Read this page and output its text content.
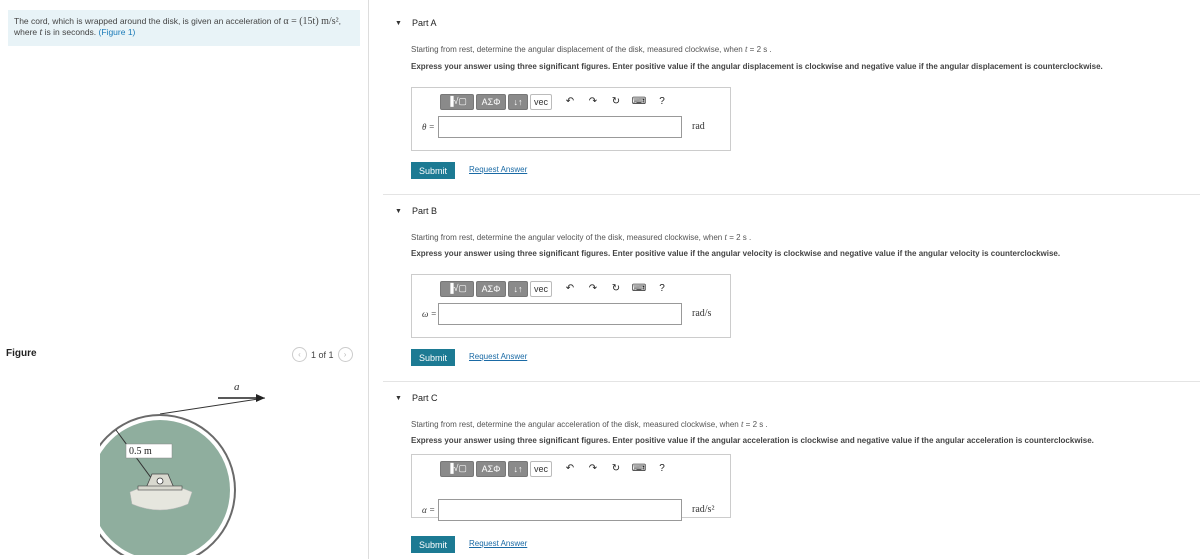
The cord, which is wrapped around the disk, is given an acceleration of α = (15t) m/s²,
where t is in seconds. (Figure 1)
Figure	‹	1 of 1	›
a
0.5 m
▼ Part A
Starting from rest, determine the angular displacement of the disk, measured clockwise, when t = 2 s .
Express your answer using three significant figures. Enter positive value if the angular displacement is clockwise and negative value if the angular displacement is counterclockwise.
▐√▢	ΑΣΦ	↓↑	vec	↶ ↷ ↻ ⌨	?
θ =	rad
Submit	Request Answer
▼ Part B
Starting from rest, determine the angular velocity of the disk, measured clockwise, when t = 2 s .
Express your answer using three significant figures. Enter positive value if the angular velocity is clockwise and negative value if the angular velocity is counterclockwise.
▐√▢	ΑΣΦ	↓↑	vec	↶ ↷ ↻ ⌨	?
ω =	rad/s
Submit	Request Answer
▼ Part C
Starting from rest, determine the angular acceleration of the disk, measured clockwise, when t = 2 s .
Express your answer using three significant figures. Enter positive value if the angular acceleration is clockwise and negative value if the angular acceleration is counterclockwise.
▐√▢	ΑΣΦ	↓↑	vec	↶ ↷ ↻ ⌨	?
α =	rad/s²
Submit	Request Answer
